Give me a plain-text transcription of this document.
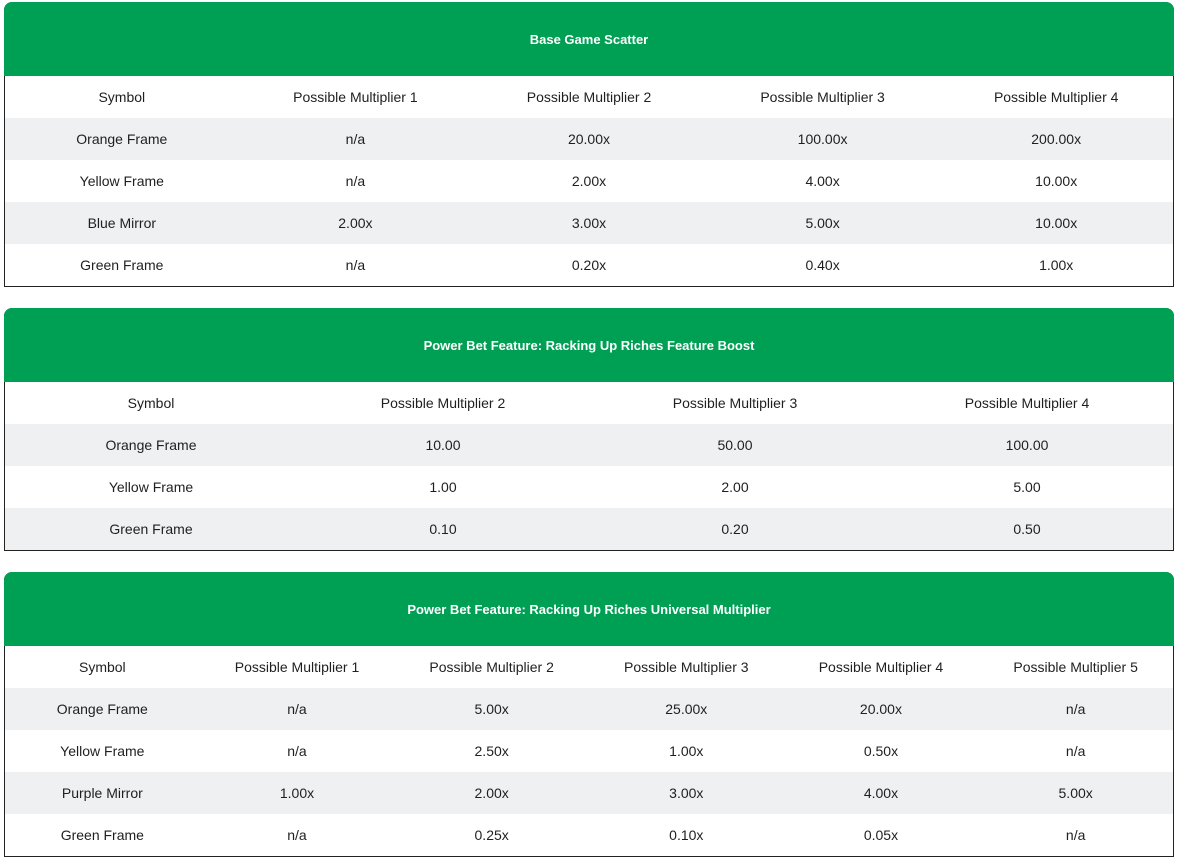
Base Game Scatter
Symbol	Possible Multiplier 1	Possible Multiplier 2	Possible Multiplier 3	Possible Multiplier 4
Orange Frame	n/a	20.00x	100.00x	200.00x
Yellow Frame	n/a	2.00x	4.00x	10.00x
Blue Mirror	2.00x	3.00x	5.00x	10.00x
Green Frame	n/a	0.20x	0.40x	1.00x
Power Bet Feature: Racking Up Riches Feature Boost
Symbol	Possible Multiplier 2	Possible Multiplier 3	Possible Multiplier 4
Orange Frame	10.00	50.00	100.00
Yellow Frame	1.00	2.00	5.00
Green Frame	0.10	0.20	0.50
Power Bet Feature: Racking Up Riches Universal Multiplier
Symbol	Possible Multiplier 1	Possible Multiplier 2	Possible Multiplier 3	Possible Multiplier 4	Possible Multiplier 5
Orange Frame	n/a	5.00x	25.00x	20.00x	n/a
Yellow Frame	n/a	2.50x	1.00x	0.50x	n/a
Purple Mirror	1.00x	2.00x	3.00x	4.00x	5.00x
Green Frame	n/a	0.25x	0.10x	0.05x	n/a
